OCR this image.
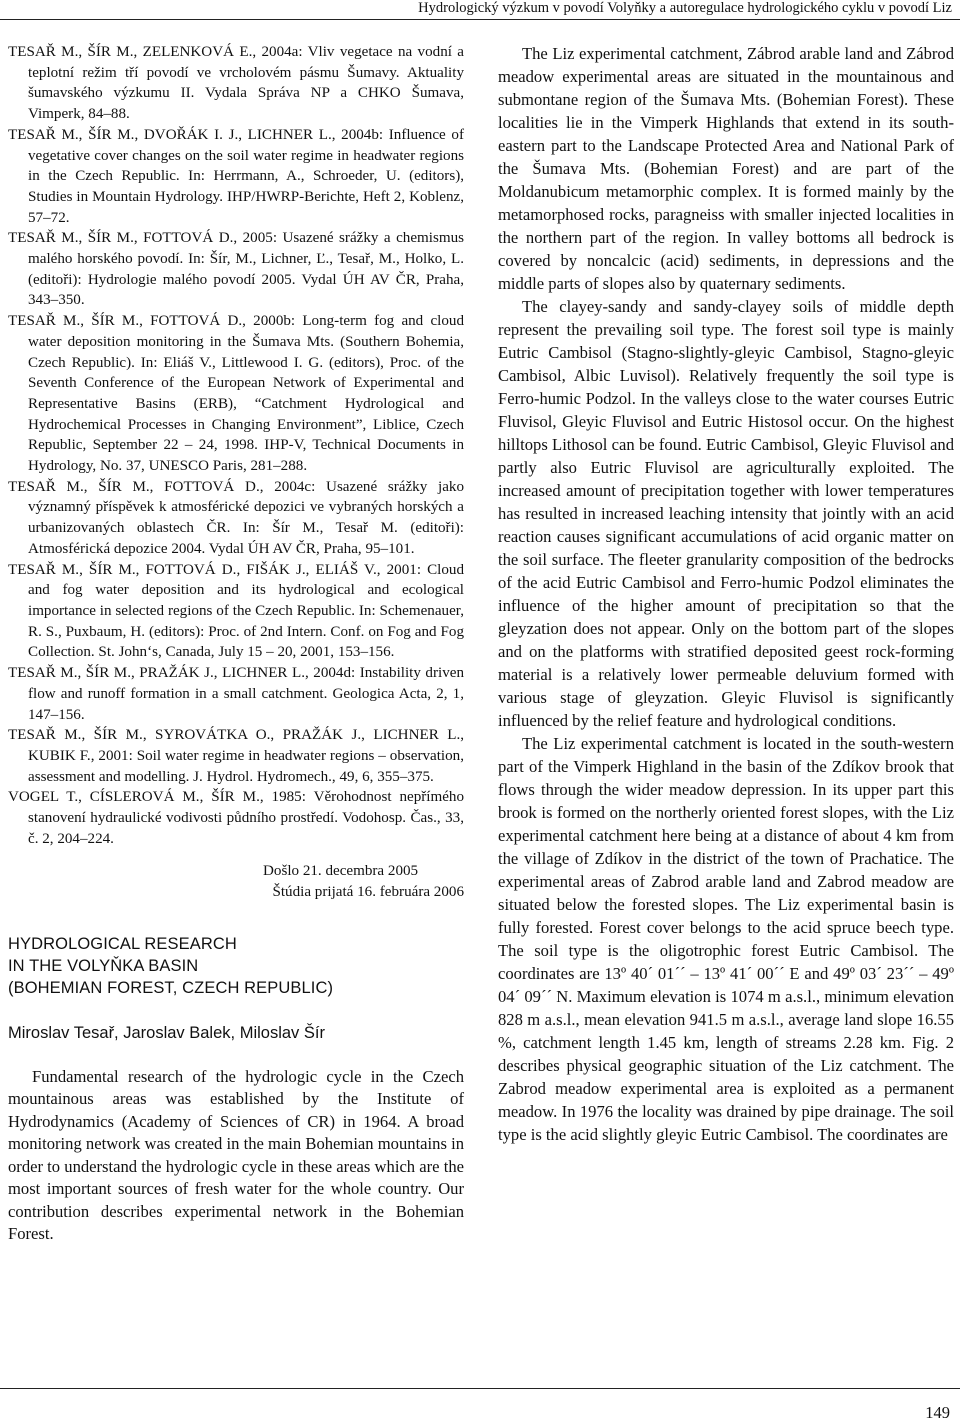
Hydrologický výzkum v povodí Volyňky a autoregulace hydrologického cyklu v povodí Liz

TESAŘ M., ŠÍR M., ZELENKOVÁ E., 2004a: Vliv vegetace na vodní a teplotní režim tří povodí ve vrcholovém pásmu Šumavy. Aktuality šumavského výzkumu II. Vydala Správa NP a CHKO Šumava, Vimperk, 84–88.

TESAŘ M., ŠÍR M., DVOŘÁK I. J., LICHNER L., 2004b: Influence of vegetative cover changes on the soil water regime in headwater regions in the Czech Republic. In: Herrmann, A., Schroeder, U. (editors), Studies in Mountain Hydrology. IHP/HWRP-Berichte, Heft 2, Koblenz, 57–72.

TESAŘ M., ŠÍR M., FOTTOVÁ D., 2005: Usazené srážky a chemismus malého horského povodí. In: Šír, M., Lichner, Ľ., Tesař, M., Holko, L. (editoři): Hydrologie malého povodí 2005. Vydal ÚH AV ČR, Praha, 343–350.

TESAŘ M., ŠÍR M., FOTTOVÁ D., 2000b: Long-term fog and cloud water deposition monitoring in the Šumava Mts. (Southern Bohemia, Czech Republic). In: Eliáš V., Littlewood I. G. (editors), Proc. of the Seventh Conference of the European Network of Experimental and Representative Basins (ERB), “Catchment Hydrological and Hydrochemical Processes in Changing Environment”, Liblice, Czech Republic, September 22 – 24, 1998. IHP-V, Technical Documents in Hydrology, No. 37, UNESCO Paris, 281–288.

TESAŘ M., ŠÍR M., FOTTOVÁ D., 2004c: Usazené srážky jako významný příspěvek k atmosférické depozici ve vybraných horských a urbanizovaných oblastech ČR. In: Šír M., Tesař M. (editoři): Atmosférická depozice 2004. Vydal ÚH AV ČR, Praha, 95–101.

TESAŘ M., ŠÍR M., FOTTOVÁ D., FIŠÁK J., ELIÁŠ V., 2001: Cloud and fog water deposition and its hydrological and ecological importance in selected regions of the Czech Republic. In: Schemenauer, R. S., Puxbaum, H. (editors): Proc. of 2nd Intern. Conf. on Fog and Fog Collection. St. John‘s, Canada, July 15 – 20, 2001, 153–156.

TESAŘ M., ŠÍR M., PRAŽÁK J., LICHNER L., 2004d: Instability driven flow and runoff formation in a small catchment. Geologica Acta, 2, 1, 147–156.

TESAŘ M., ŠÍR M., SYROVÁTKA O., PRAŽÁK J., LICHNER L., KUBIK F., 2001: Soil water regime in headwater regions – observation, assessment and modelling. J. Hydrol. Hydromech., 49, 6, 355–375.

VOGEL T., CÍSLEROVÁ M., ŠÍR M., 1985: Věrohodnost nepřímého stanovení hydraulické vodivosti půdního prostředí. Vodohosp. Čas., 33, č. 2, 204–224.

Došlo 21. decembra 2005
Štúdia prijatá 16. februára 2006
HYDROLOGICAL RESEARCH
IN THE VOLYŇKA BASIN
(BOHEMIAN FOREST, CZECH REPUBLIC)
Miroslav Tesař, Jaroslav Balek, Miloslav Šír

Fundamental research of the hydrologic cycle in the Czech mountainous areas was established by the Institute of Hydrodynamics (Academy of Sciences of CR) in 1964. A broad monitoring network was created in the main Bohemian mountains in order to understand the hydrologic cycle in these areas which are the most important sources of fresh water for the whole country. Our contribution describes experimental network in the Bohemian Forest.

The Liz experimental catchment, Zábrod arable land and Zábrod meadow experimental areas are situated in the mountainous and submontane region of the Šumava Mts. (Bohemian Forest). These localities lie in the Vimperk Highlands that extend in its south-eastern part to the Landscape Protected Area and National Park of the Šumava Mts. (Bohemian Forest) and are part of the Moldanubicum metamorphic complex. It is formed mainly by the metamorphosed rocks, paragneiss with smaller injected localities in the northern part of the region. In valley bottoms all bedrock is covered by noncalcic (acid) sediments, in depressions and the middle parts of slopes also by quaternary sediments.

The clayey-sandy and sandy-clayey soils of middle depth represent the prevailing soil type. The forest soil type is mainly Eutric Cambisol (Stagno-slightly-gleyic Cambisol, Stagno-gleyic Cambisol, Albic Luvisol). Relatively frequently the soil type is Ferro-humic Podzol. In the valleys close to the water courses Eutric Fluvisol, Gleyic Fluvisol and Eutric Histosol occur. On the highest hilltops Lithosol can be found. Eutric Cambisol, Gleyic Fluvisol and partly also Eutric Fluvisol are agriculturally exploited. The increased amount of precipitation together with lower temperatures has resulted in increased leaching intensity that jointly with an acid reaction causes significant accumulations of acid organic matter on the soil surface. The fleeter granularity composition of the bedrocks of the acid Eutric Cambisol and Ferro-humic Podzol eliminates the influence of the higher amount of precipitation so that the gleyzation does not appear. Only on the bottom part of the slopes and on the platforms with stratified deposited geest rock-forming material is a relatively lower permeable deluvium formed with various stage of gleyzation. Gleyic Fluvisol is significantly influenced by the relief feature and hydrological conditions.

The Liz experimental catchment is located in the south-western part of the Vimperk Highland in the basin of the Zdíkov brook that flows through the wider meadow depression. In its upper part this brook is formed on the northerly oriented forest slopes, with the Liz experimental catchment here being at a distance of about 4 km from the village of Zdíkov in the district of the town of Prachatice. The experimental areas of Zabrod arable land and Zabrod meadow are situated below the forested slopes. The Liz experimental basin is fully forested. Forest cover belongs to the acid spruce beech type. The soil type is the oligotrophic forest Eutric Cambisol. The coordinates are 13º 40´ 01´´ – 13º 41´ 00´´ E and 49º 03´ 23´´ – 49º 04´ 09´´ N. Maximum elevation is 1074 m a.s.l., minimum elevation 828 m a.s.l., mean elevation 941.5 m a.s.l., average land slope 16.55 %, catchment length 1.45 km, length of streams 2.28 km. Fig. 2 describes physical geographic situation of the Liz catchment. The Zabrod meadow experimental area is exploited as a permanent meadow. In 1976 the locality was drained by pipe drainage. The soil type is the acid slightly gleyic Eutric Cambisol. The coordinates are

149
